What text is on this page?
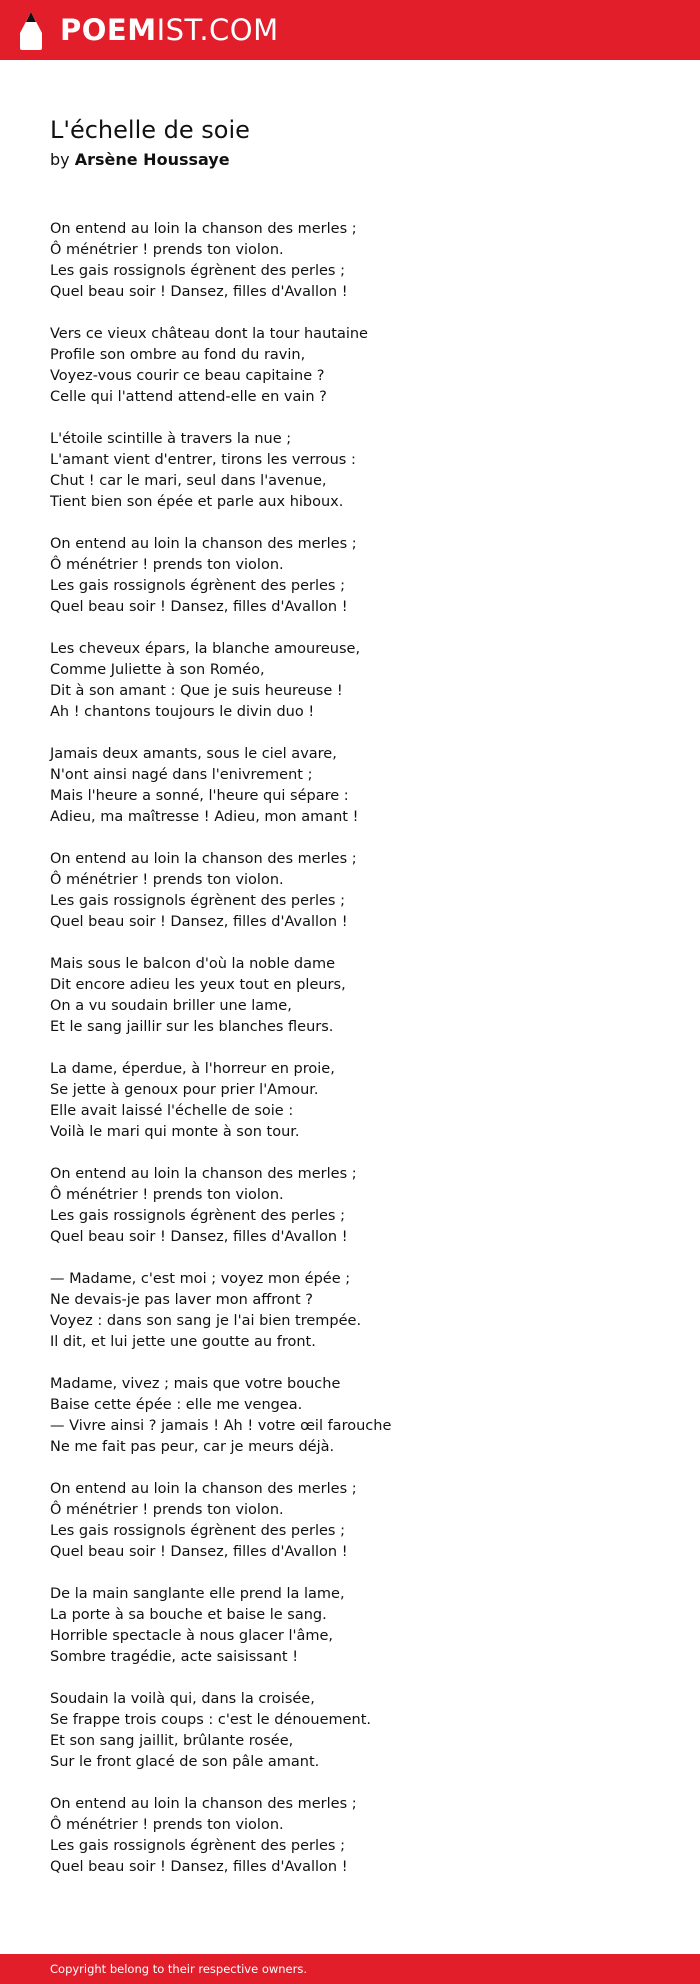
POEMIST.COM
L'échelle de soie
by Arsène Houssaye
On entend au loin la chanson des merles ;
Ô ménétrier ! prends ton violon.
Les gais rossignols égrènent des perles ;
Quel beau soir ! Dansez, filles d'Avallon !
Vers ce vieux château dont la tour hautaine
Profile son ombre au fond du ravin,
Voyez-vous courir ce beau capitaine ?
Celle qui l'attend attend-elle en vain ?
L'étoile scintille à travers la nue ;
L'amant vient d'entrer, tirons les verrous :
Chut ! car le mari, seul dans l'avenue,
Tient bien son épée et parle aux hiboux.
On entend au loin la chanson des merles ;
Ô ménétrier ! prends ton violon.
Les gais rossignols égrènent des perles ;
Quel beau soir ! Dansez, filles d'Avallon !
Les cheveux épars, la blanche amoureuse,
Comme Juliette à son Roméo,
Dit à son amant : Que je suis heureuse !
Ah ! chantons toujours le divin duo !
Jamais deux amants, sous le ciel avare,
N'ont ainsi nagé dans l'enivrement ;
Mais l'heure a sonné, l'heure qui sépare :
Adieu, ma maîtresse ! Adieu, mon amant !
On entend au loin la chanson des merles ;
Ô ménétrier ! prends ton violon.
Les gais rossignols égrènent des perles ;
Quel beau soir ! Dansez, filles d'Avallon !
Mais sous le balcon d'où la noble dame
Dit encore adieu les yeux tout en pleurs,
On a vu soudain briller une lame,
Et le sang jaillir sur les blanches fleurs.
La dame, éperdue, à l'horreur en proie,
Se jette à genoux pour prier l'Amour.
Elle avait laissé l'échelle de soie :
Voilà le mari qui monte à son tour.
On entend au loin la chanson des merles ;
Ô ménétrier ! prends ton violon.
Les gais rossignols égrènent des perles ;
Quel beau soir ! Dansez, filles d'Avallon !
— Madame, c'est moi ; voyez mon épée ;
Ne devais-je pas laver mon affront ?
Voyez : dans son sang je l'ai bien trempée.
Il dit, et lui jette une goutte au front.
Madame, vivez ; mais que votre bouche
Baise cette épée : elle me vengea.
— Vivre ainsi ? jamais ! Ah ! votre œil farouche
Ne me fait pas peur, car je meurs déjà.
On entend au loin la chanson des merles ;
Ô ménétrier ! prends ton violon.
Les gais rossignols égrènent des perles ;
Quel beau soir ! Dansez, filles d'Avallon !
De la main sanglante elle prend la lame,
La porte à sa bouche et baise le sang.
Horrible spectacle à nous glacer l'âme,
Sombre tragédie, acte saisissant !
Soudain la voilà qui, dans la croisée,
Se frappe trois coups : c'est le dénouement.
Et son sang jaillit, brûlante rosée,
Sur le front glacé de son pâle amant.
On entend au loin la chanson des merles ;
Ô ménétrier ! prends ton violon.
Les gais rossignols égrènent des perles ;
Quel beau soir ! Dansez, filles d'Avallon !
Copyright belong to their respective owners.
